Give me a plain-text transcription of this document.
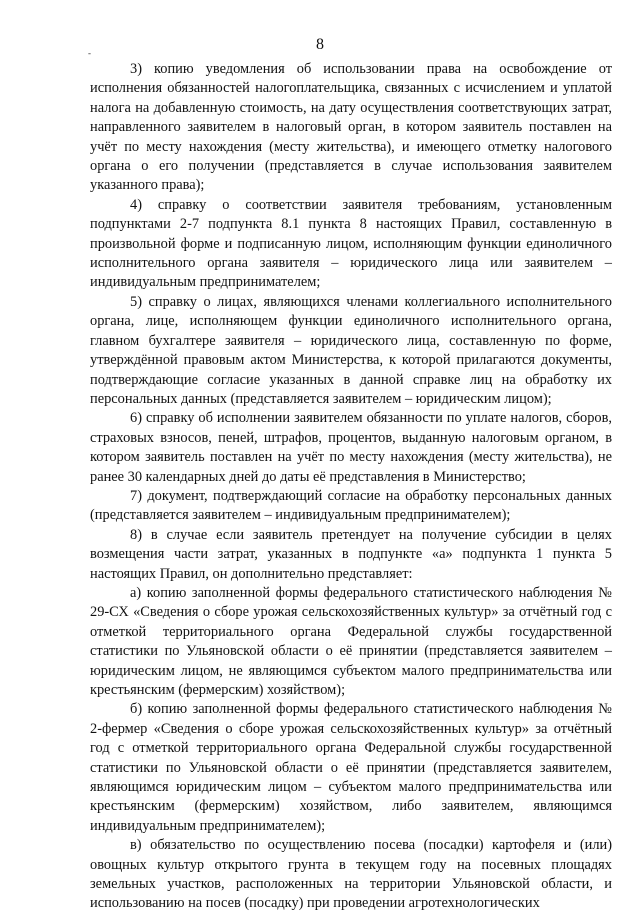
-	8

3) копию уведомления об использовании права на освобождение от исполнения обязанностей налогоплательщика, связанных с исчислением и уплатой налога на добавленную стоимость, на дату осуществления соответствующих затрат, направленного заявителем в налоговый орган, в котором заявитель поставлен на учёт по месту нахождения (месту жительства), и имеющего отметку налогового органа о его получении (представляется в случае использования заявителем указанного права);

4) справку о соответствии заявителя требованиям, установленным подпунктами 2-7 подпункта 8.1 пункта 8 настоящих Правил, составленную в произвольной форме и подписанную лицом, исполняющим функции единоличного исполнительного органа заявителя – юридического лица или заявителем – индивидуальным предпринимателем;

5) справку о лицах, являющихся членами коллегиального исполнительного органа, лице, исполняющем функции единоличного исполнительного органа, главном бухгалтере заявителя – юридического лица, составленную по форме, утверждённой правовым актом Министерства, к которой прилагаются документы, подтверждающие согласие указанных в данной справке лиц на обработку их персональных данных (представляется заявителем – юридическим лицом);

6) справку об исполнении заявителем обязанности по уплате налогов, сборов, страховых взносов, пеней, штрафов, процентов, выданную налоговым органом, в котором заявитель поставлен на учёт по месту нахождения (месту жительства), не ранее 30 календарных дней до даты её представления в Министерство;

7) документ, подтверждающий согласие на обработку персональных данных (представляется заявителем – индивидуальным предпринимателем);

8) в случае если заявитель претендует на получение субсидии в целях возмещения части затрат, указанных в подпункте «а» подпункта 1 пункта 5 настоящих Правил, он дополнительно представляет:

а) копию заполненной формы федерального статистического наблюдения № 29-СХ «Сведения о сборе урожая сельскохозяйственных культур» за отчётный год с отметкой территориального органа Федеральной службы государственной статистики по Ульяновской области о её принятии (представляется заявителем – юридическим лицом, не являющимся субъектом малого предпринимательства или крестьянским (фермерским) хозяйством);

б) копию заполненной формы федерального статистического наблюдения № 2-фермер «Сведения о сборе урожая сельскохозяйственных культур» за отчётный год с отметкой территориального органа Федеральной службы государственной статистики по Ульяновской области о её принятии (представляется заявителем, являющимся юридическим лицом – субъектом малого предпринимательства или крестьянским (фермерским) хозяйством, либо заявителем, являющимся индивидуальным предпринимателем);

в) обязательство по осуществлению посева (посадки) картофеля и (или) овощных культур открытого грунта в текущем году на посевных площадях земельных участков, расположенных на территории Ульяновской области, и использованию на посев (посадку) при проведении агротехнологических
